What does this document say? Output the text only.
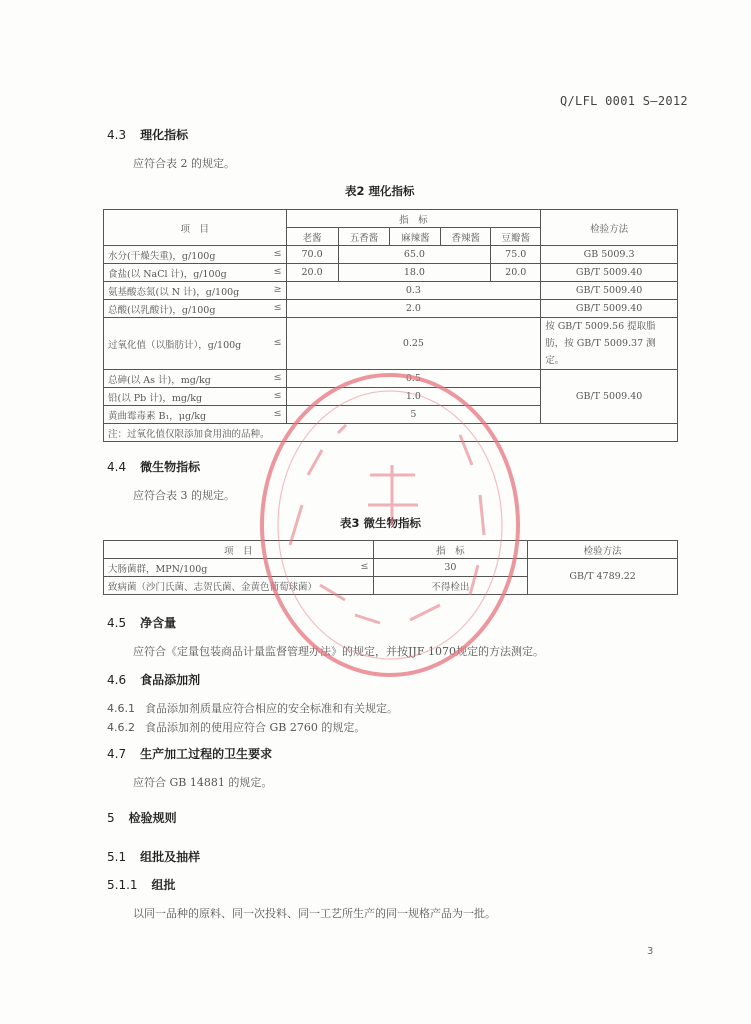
Q/LFL 0001 S—2012
4.3 理化指标
应符合表 2 的规定。
表2 理化指标
项　目	指　标					检验方法
	老酱	五香酱	麻辣酱	香辣酱	豆瓣酱	
水分(干燥失重)，g/100g ≤	70.0	65.0			75.0	GB 5009.3
食盐(以 NaCl 计)，g/100g ≤	20.0	18.0			20.0	GB/T 5009.40
氨基酸态氮(以 N 计)，g/100g ≥	0.3					GB/T 5009.40
总酸(以乳酸计)，g/100g ≤	2.0					GB/T 5009.40
过氧化值（以脂肪计），g/100g ≤	0.25					按 GB/T 5009.56 提取脂肪，按 GB/T 5009.37 测定。
总砷(以 As 计)，mg/kg ≤	0.5					GB/T 5009.40
铅(以 Pb 计)，mg/kg ≤	1.0					
黄曲霉毒素 B₁，μg/kg ≤	5					
注：过氧化值仅限添加食用油的品种。						
4.4 微生物指标
应符合表 3 的规定。
表3 微生物指标
项　目	指　标	检验方法
大肠菌群，MPN/100g ≤	30	GB/T 4789.22
致病菌（沙门氏菌、志贺氏菌、金黄色葡萄球菌）	不得检出	
4.5 净含量
应符合《定量包装商品计量监督管理办法》的规定，并按JJF 1070规定的方法测定。
4.6 食品添加剂
4.6.1 食品添加剂质量应符合相应的安全标准和有关规定。
4.6.2 食品添加剂的使用应符合 GB 2760 的规定。
4.7 生产加工过程的卫生要求
应符合 GB 14881 的规定。
5 检验规则
5.1 组批及抽样
5.1.1 组批
以同一品种的原料、同一次投料、同一工艺所生产的同一规格产品为一批。
3
